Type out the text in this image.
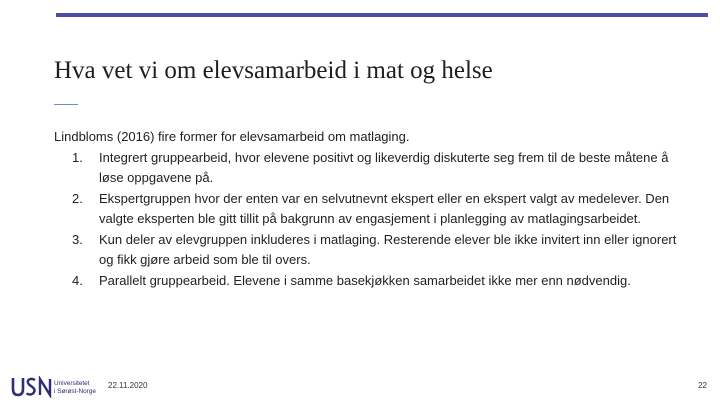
Hva vet vi om elevsamarbeid i mat og helse

Lindbloms (2016) fire former for elevsamarbeid om matlaging.

1. Integrert gruppearbeid, hvor elevene positivt og likeverdig diskuterte seg frem til de beste måtene å løse oppgavene på.
2. Ekspertgruppen hvor der enten var en selvutnevnt ekspert eller en ekspert valgt av medelever. Den valgte eksperten ble gitt tillit på bakgrunn av engasjement i planlegging av matlagingsarbeidet.
3. Kun deler av elevgruppen inkluderes i matlaging. Resterende elever ble ikke invitert inn eller ignorert og fikk gjøre arbeid som ble til overs.
4. Parallelt gruppearbeid. Elevene i samme basekjøkken samarbeidet ikke mer enn nødvendig.
Universitetet
i Sørøst-Norge
22.11.2020	22
